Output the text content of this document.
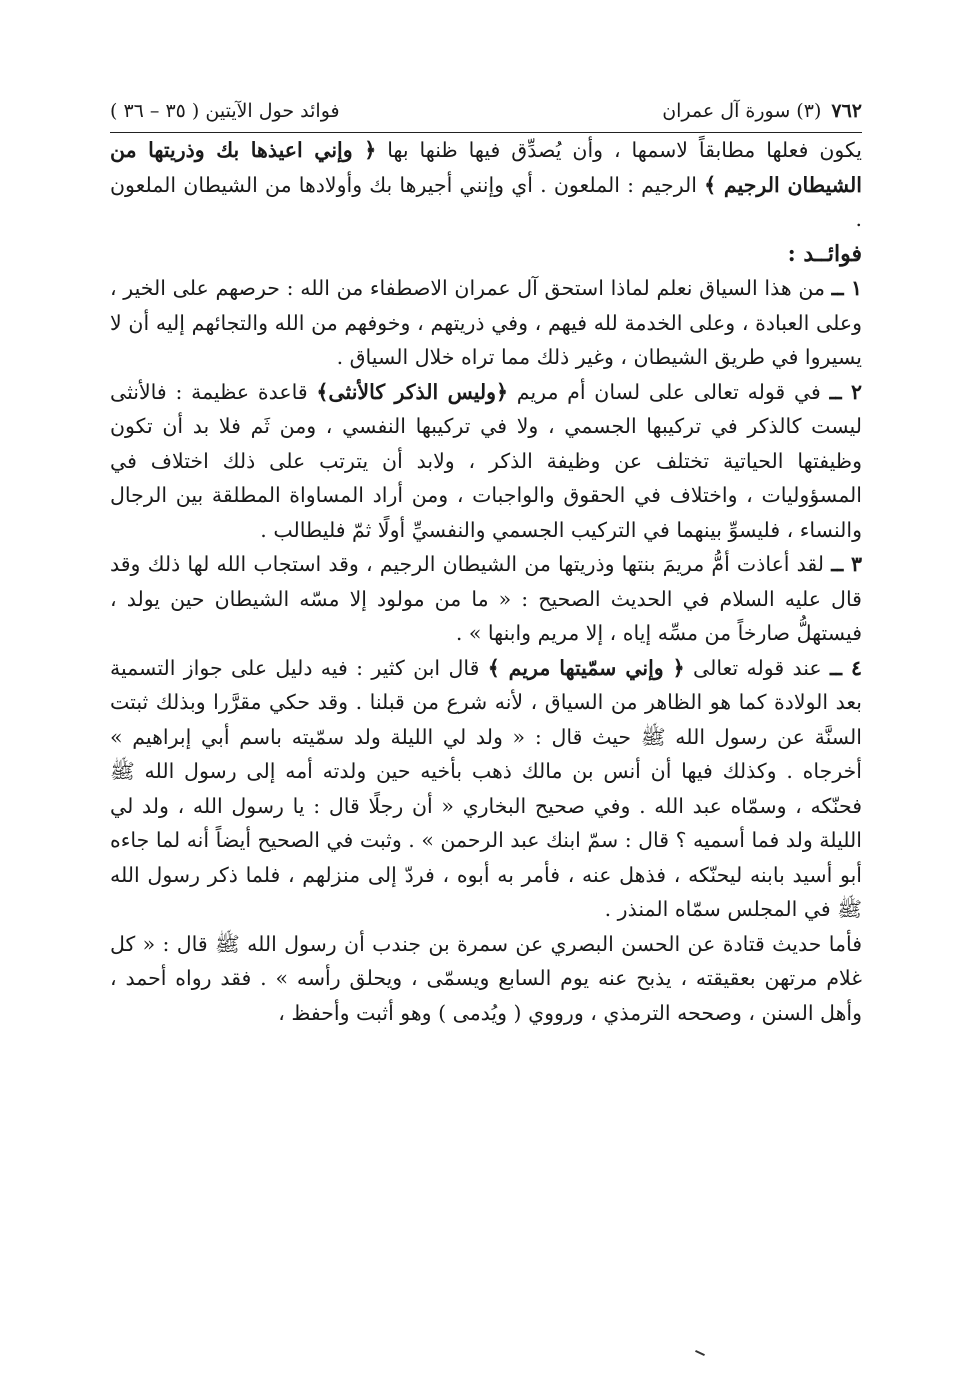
٧٦٢
(٣) سورة آل عمران
فوائد حول الآيتين ( ٣٥ – ٣٦ )

يكون فعلها مطابقاً لاسمها ، وأن يُصدِّق فيها ظنها بها ﴿ وإني اعيذها بك وذريتها من الشيطان الرجيم ﴾ الرجيم : الملعون . أي وإنني أجيرها بك وأولادها من الشيطان الملعون .

فوائــد :

١ ــ من هذا السياق نعلم لماذا استحق آل عمران الاصطفاء من الله : حرصهم على الخير ، وعلى العبادة ، وعلى الخدمة لله فيهم ، وفي ذريتهم ، وخوفهم من الله والتجائهم إليه أن لا يسيروا في طريق الشيطان ، وغير ذلك مما تراه خلال السياق .

٢ ــ في قوله تعالى على لسان أم مريم ﴿وليس الذكر كالأنثى﴾ قاعدة عظيمة : فالأنثى ليست كالذكر في تركيبها الجسمي ، ولا في تركيبها النفسي ، ومن ثَم فلا بد أن تكون وظيفتها الحياتية تختلف عن وظيفة الذكر ، ولابد أن يترتب على ذلك اختلاف في المسؤوليات ، واختلاف في الحقوق والواجبات ، ومن أراد المساواة المطلقة بين الرجال والنساء ، فليسوِّ بينهما في التركيب الجسمي والنفسيِّ أولًا ثمّ فليطالب .

٣ ــ لقد أعاذت أمُّ مريمَ بنتها وذريتها من الشيطان الرجيم ، وقد استجاب الله لها ذلك وقد قال عليه السلام في الحديث الصحيح : « ما من مولود إلا مسّه الشيطان حين يولد ، فيستهلُّ صارخاً من مسِّه إياه ، إلا مريم وابنها » .

٤ ــ عند قوله تعالى ﴿ وإني سمّيتها مريم ﴾ قال ابن كثير : فيه دليل على جواز التسمية بعد الولادة كما هو الظاهر من السياق ، لأنه شرع من قبلنا . وقد حكي مقرَّرا وبذلك ثبتت السنَّة عن رسول الله ﷺ حيث قال : « ولد لي الليلة ولد سمّيته باسم أبي إبراهيم » أخرجاه . وكذلك فيها أن أنس بن مالك ذهب بأخيه حين ولدته أمه إلى رسول الله ﷺ فحنّكه ، وسمّاه عبد الله . وفي صحيح البخاري « أن رجلًا قال : يا رسول الله ، ولد لي الليلة ولد فما أسميه ؟ قال : سمّ ابنك عبد الرحمن » . وثبت في الصحيح أيضاً أنه لما جاءه أبو أسيد بابنه ليحنّكه ، فذهل عنه ، فأمر به أبوه ، فردّ إلى منزلهم ، فلما ذكر رسول الله ﷺ في المجلس سمّاه المنذر .

فأما حديث قتادة عن الحسن البصري عن سمرة بن جندب أن رسول الله ﷺ قال : « كل غلام مرتهن بعقيقته ، يذبح عنه يوم السابع ويسمّى ، ويحلق رأسه » . فقد رواه أحمد ، وأهل السنن ، وصححه الترمذي ، ورووي ( ويُدمى ) وهو أثبت وأحفظ ،
